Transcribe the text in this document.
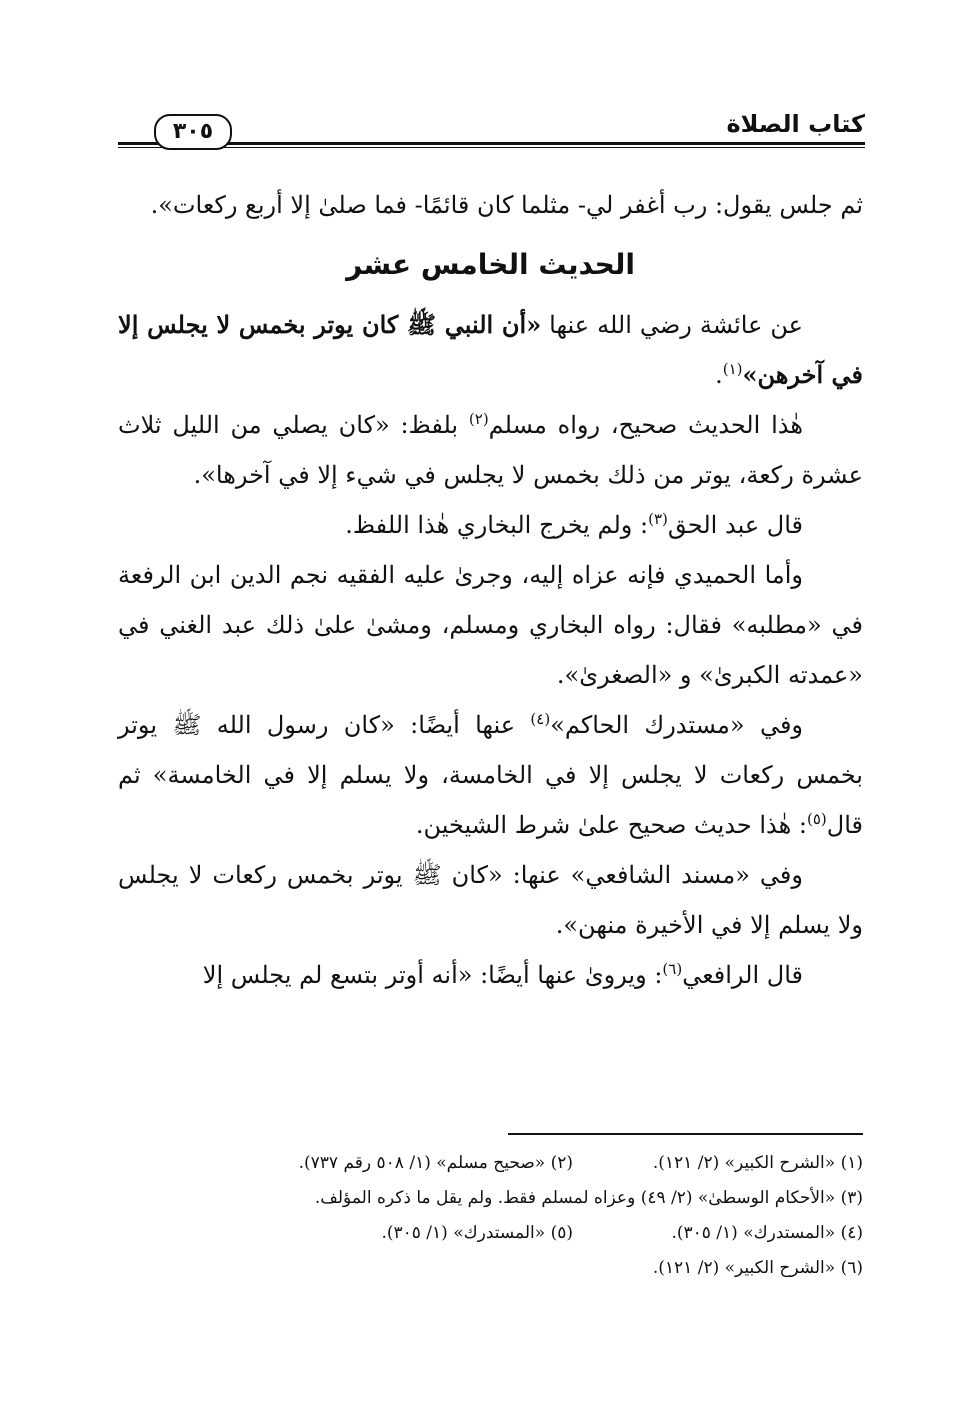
كتاب الصلاة
٣٠٥

ثم جلس يقول: رب أغفر لي- مثلما كان قائمًا- فما صلىٰ إلا أربع ركعات».

الحديث الخامس عشر

عن عائشة رضي الله عنها «أن النبي ﷺ كان يوتر بخمس لا يجلس إلا في آخرهن»$^{(١)}$.

هٰذا الحديث صحيح، رواه مسلم$^{(٢)}$ بلفظ: «كان يصلي من الليل ثلاث عشرة ركعة، يوتر من ذلك بخمس لا يجلس في شيء إلا في آخرها».

قال عبد الحق$^{(٣)}$: ولم يخرج البخاري هٰذا اللفظ.

وأما الحميدي فإنه عزاه إليه، وجرىٰ عليه الفقيه نجم الدين ابن الرفعة في «مطلبه» فقال: رواه البخاري ومسلم، ومشىٰ علىٰ ذلك عبد الغني في «عمدته الكبرىٰ» و «الصغرىٰ».

وفي «مستدرك الحاكم»$^{(٤)}$ عنها أيضًا: «كان رسول الله ﷺ يوتر بخمس ركعات لا يجلس إلا في الخامسة، ولا يسلم إلا في الخامسة» ثم قال$^{(٥)}$: هٰذا حديث صحيح علىٰ شرط الشيخين.

وفي «مسند الشافعي» عنها: «كان ﷺ يوتر بخمس ركعات لا يجلس ولا يسلم إلا في الأخيرة منهن».

قال الرافعي$^{(٦)}$: ويروىٰ عنها أيضًا: «أنه أوتر بتسع لم يجلس إلا

(١) «الشرح الكبير» (٢/ ١٢١).
(٢) «صحيح مسلم» (١/ ٥٠٨ رقم ٧٣٧).
(٣) «الأحكام الوسطىٰ» (٢/ ٤٩) وعزاه لمسلم فقط. ولم يقل ما ذكره المؤلف.
(٤) «المستدرك» (١/ ٣٠٥).
(٥) «المستدرك» (١/ ٣٠٥).
(٦) «الشرح الكبير» (٢/ ١٢١).
